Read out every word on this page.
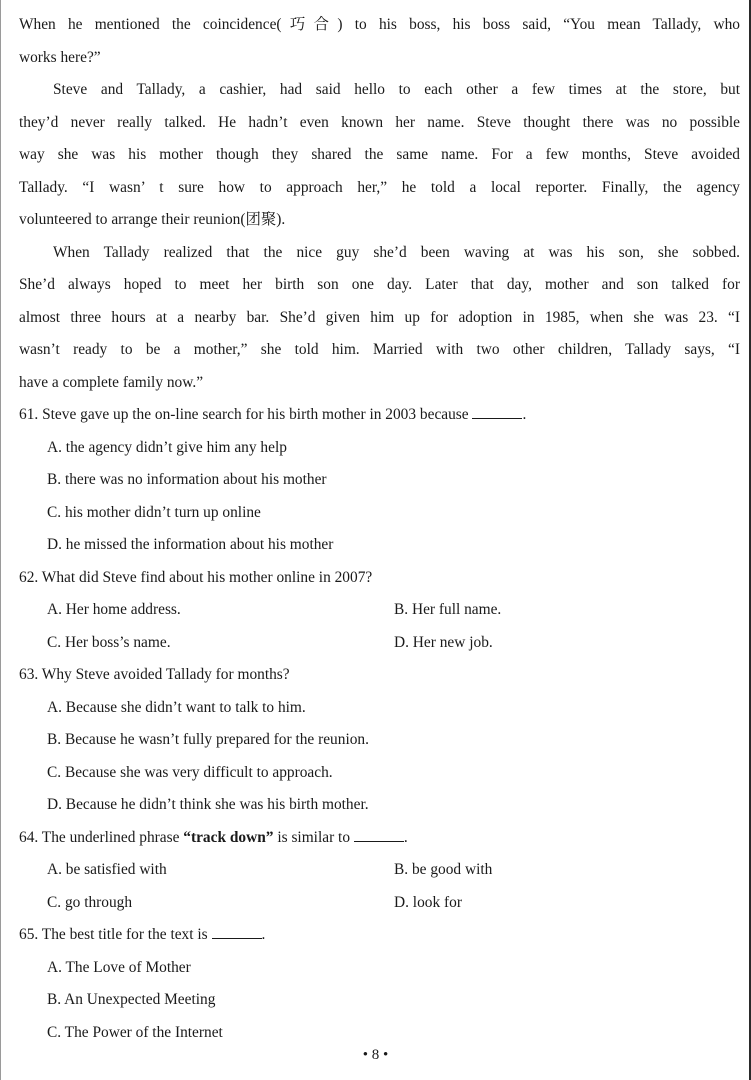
When he mentioned the coincidence(巧合) to his boss, his boss said, “You mean Tallady, who
works here?”
Steve and Tallady, a cashier, had said hello to each other a few times at the store, but
they’d never really talked. He hadn’t even known her name. Steve thought there was no possible
way she was his mother though they shared the same name. For a few months, Steve avoided
Tallady. “I wasn’ t sure how to approach her,” he told a local reporter. Finally, the agency
volunteered to arrange their reunion(团聚).
When Tallady realized that the nice guy she’d been waving at was his son, she sobbed.
She’d always hoped to meet her birth son one day. Later that day, mother and son talked for
almost three hours at a nearby bar. She’d given him up for adoption in 1985, when she was 23. “I
wasn’t ready to be a mother,” she told him. Married with two other children, Tallady says, “I
have a complete family now.”
61. Steve gave up the on-line search for his birth mother in 2003 because	.
A. the agency didn’t give him any help
B. there was no information about his mother
C. his mother didn’t turn up online
D. he missed the information about his mother
62. What did Steve find about his mother online in 2007?
A. Her home address.	B. Her full name.
C. Her boss’s name.	D. Her new job.
63. Why Steve avoided Tallady for months?
A. Because she didn’t want to talk to him.
B. Because he wasn’t fully prepared for the reunion.
C. Because she was very difficult to approach.
D. Because he didn’t think she was his birth mother.
64. The underlined phrase “track down” is similar to	.
A. be satisfied with	B. be good with
C. go through	D. look for
65. The best title for the text is	.
A. The Love of Mother
B. An Unexpected Meeting
C. The Power of the Internet
• 8 •
